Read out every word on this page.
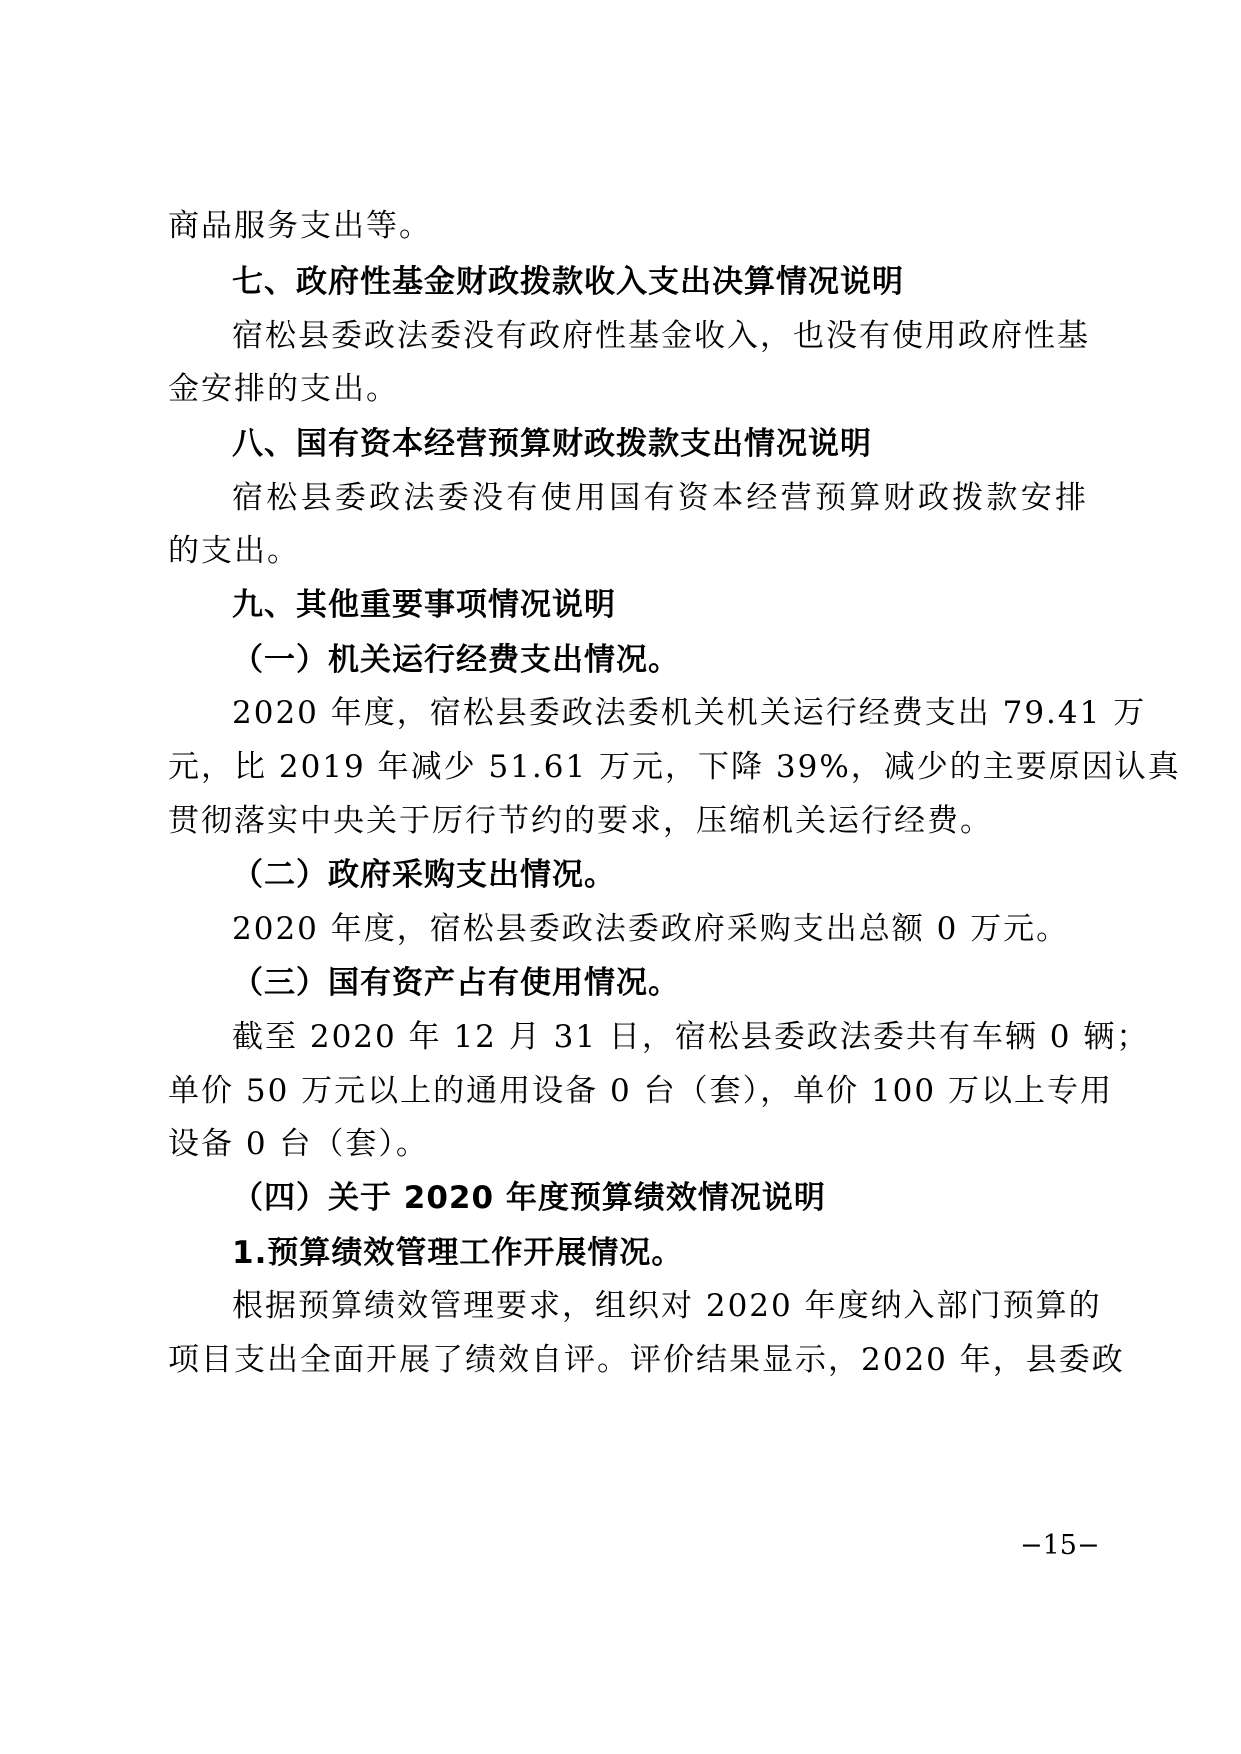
商品服务支出等。
七、政府性基金财政拨款收入支出决算情况说明
宿松县委政法委没有政府性基金收入，也没有使用政府性基
金安排的支出。
八、国有资本经营预算财政拨款支出情况说明
宿松县委政法委没有使用国有资本经营预算财政拨款安排
的支出。
九、其他重要事项情况说明
（一）机关运行经费支出情况。
2020 年度，宿松县委政法委机关机关运行经费支出 79.41 万
元，比 2019 年减少 51.61 万元，下降 39%，减少的主要原因认真
贯彻落实中央关于厉行节约的要求，压缩机关运行经费。
（二）政府采购支出情况。
2020 年度，宿松县委政法委政府采购支出总额 0 万元。
（三）国有资产占有使用情况。
截至 2020 年 12 月 31 日，宿松县委政法委共有车辆 0 辆；
单价 50 万元以上的通用设备 0 台（套），单价 100 万以上专用
设备 0 台（套）。
（四）关于 2020 年度预算绩效情况说明
1.预算绩效管理工作开展情况。
根据预算绩效管理要求，组织对 2020 年度纳入部门预算的
项目支出全面开展了绩效自评。评价结果显示，2020 年，县委政
−15−
